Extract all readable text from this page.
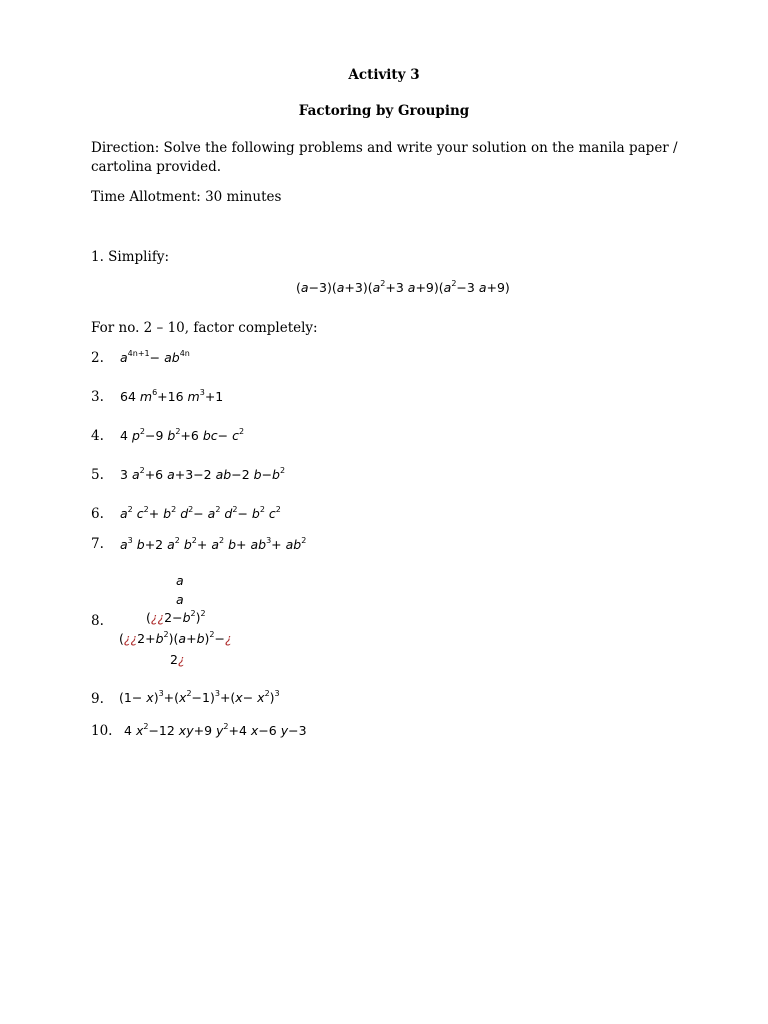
Activity 3
Factoring by Grouping
Direction: Solve the following problems and write your solution on the manila paper /
cartolina provided.
Time Allotment: 30 minutes
1. Simplify:
$(a-3)(a+3)(a^2+3$ $a+9)(a^2-3$ a+9)
For no. 2 – 10, factor completely:
2. $a^{4n+1}- ab^{4n}$
3. 64 $m^6+16$ $m^3+1$
4. 4 $p^2-9$ $b^2+6$ $bc- c^2$
5. 3 $a^2+6$ a+3−2 ab−2 $b-b^2$
6. $a^2$ $c^2+ b^2$ $d^2- a^2$ $d^2- b^2$ $c^2$
7. $a^3$ b+2 $a^2$ $b^2+ a^2$ $b+ ab^3+ ab^2$
a
a
8.	$(¿¿2-b^2)^2$
$(¿¿2+b^2)(a+b)^2-¿$
2¿
9. $(1- x)^3+(x^2-1)^3+(x- x^2)^3$
10. 4 $x^2-12$ xy+9 $y^2+4$ x−6 y−3
